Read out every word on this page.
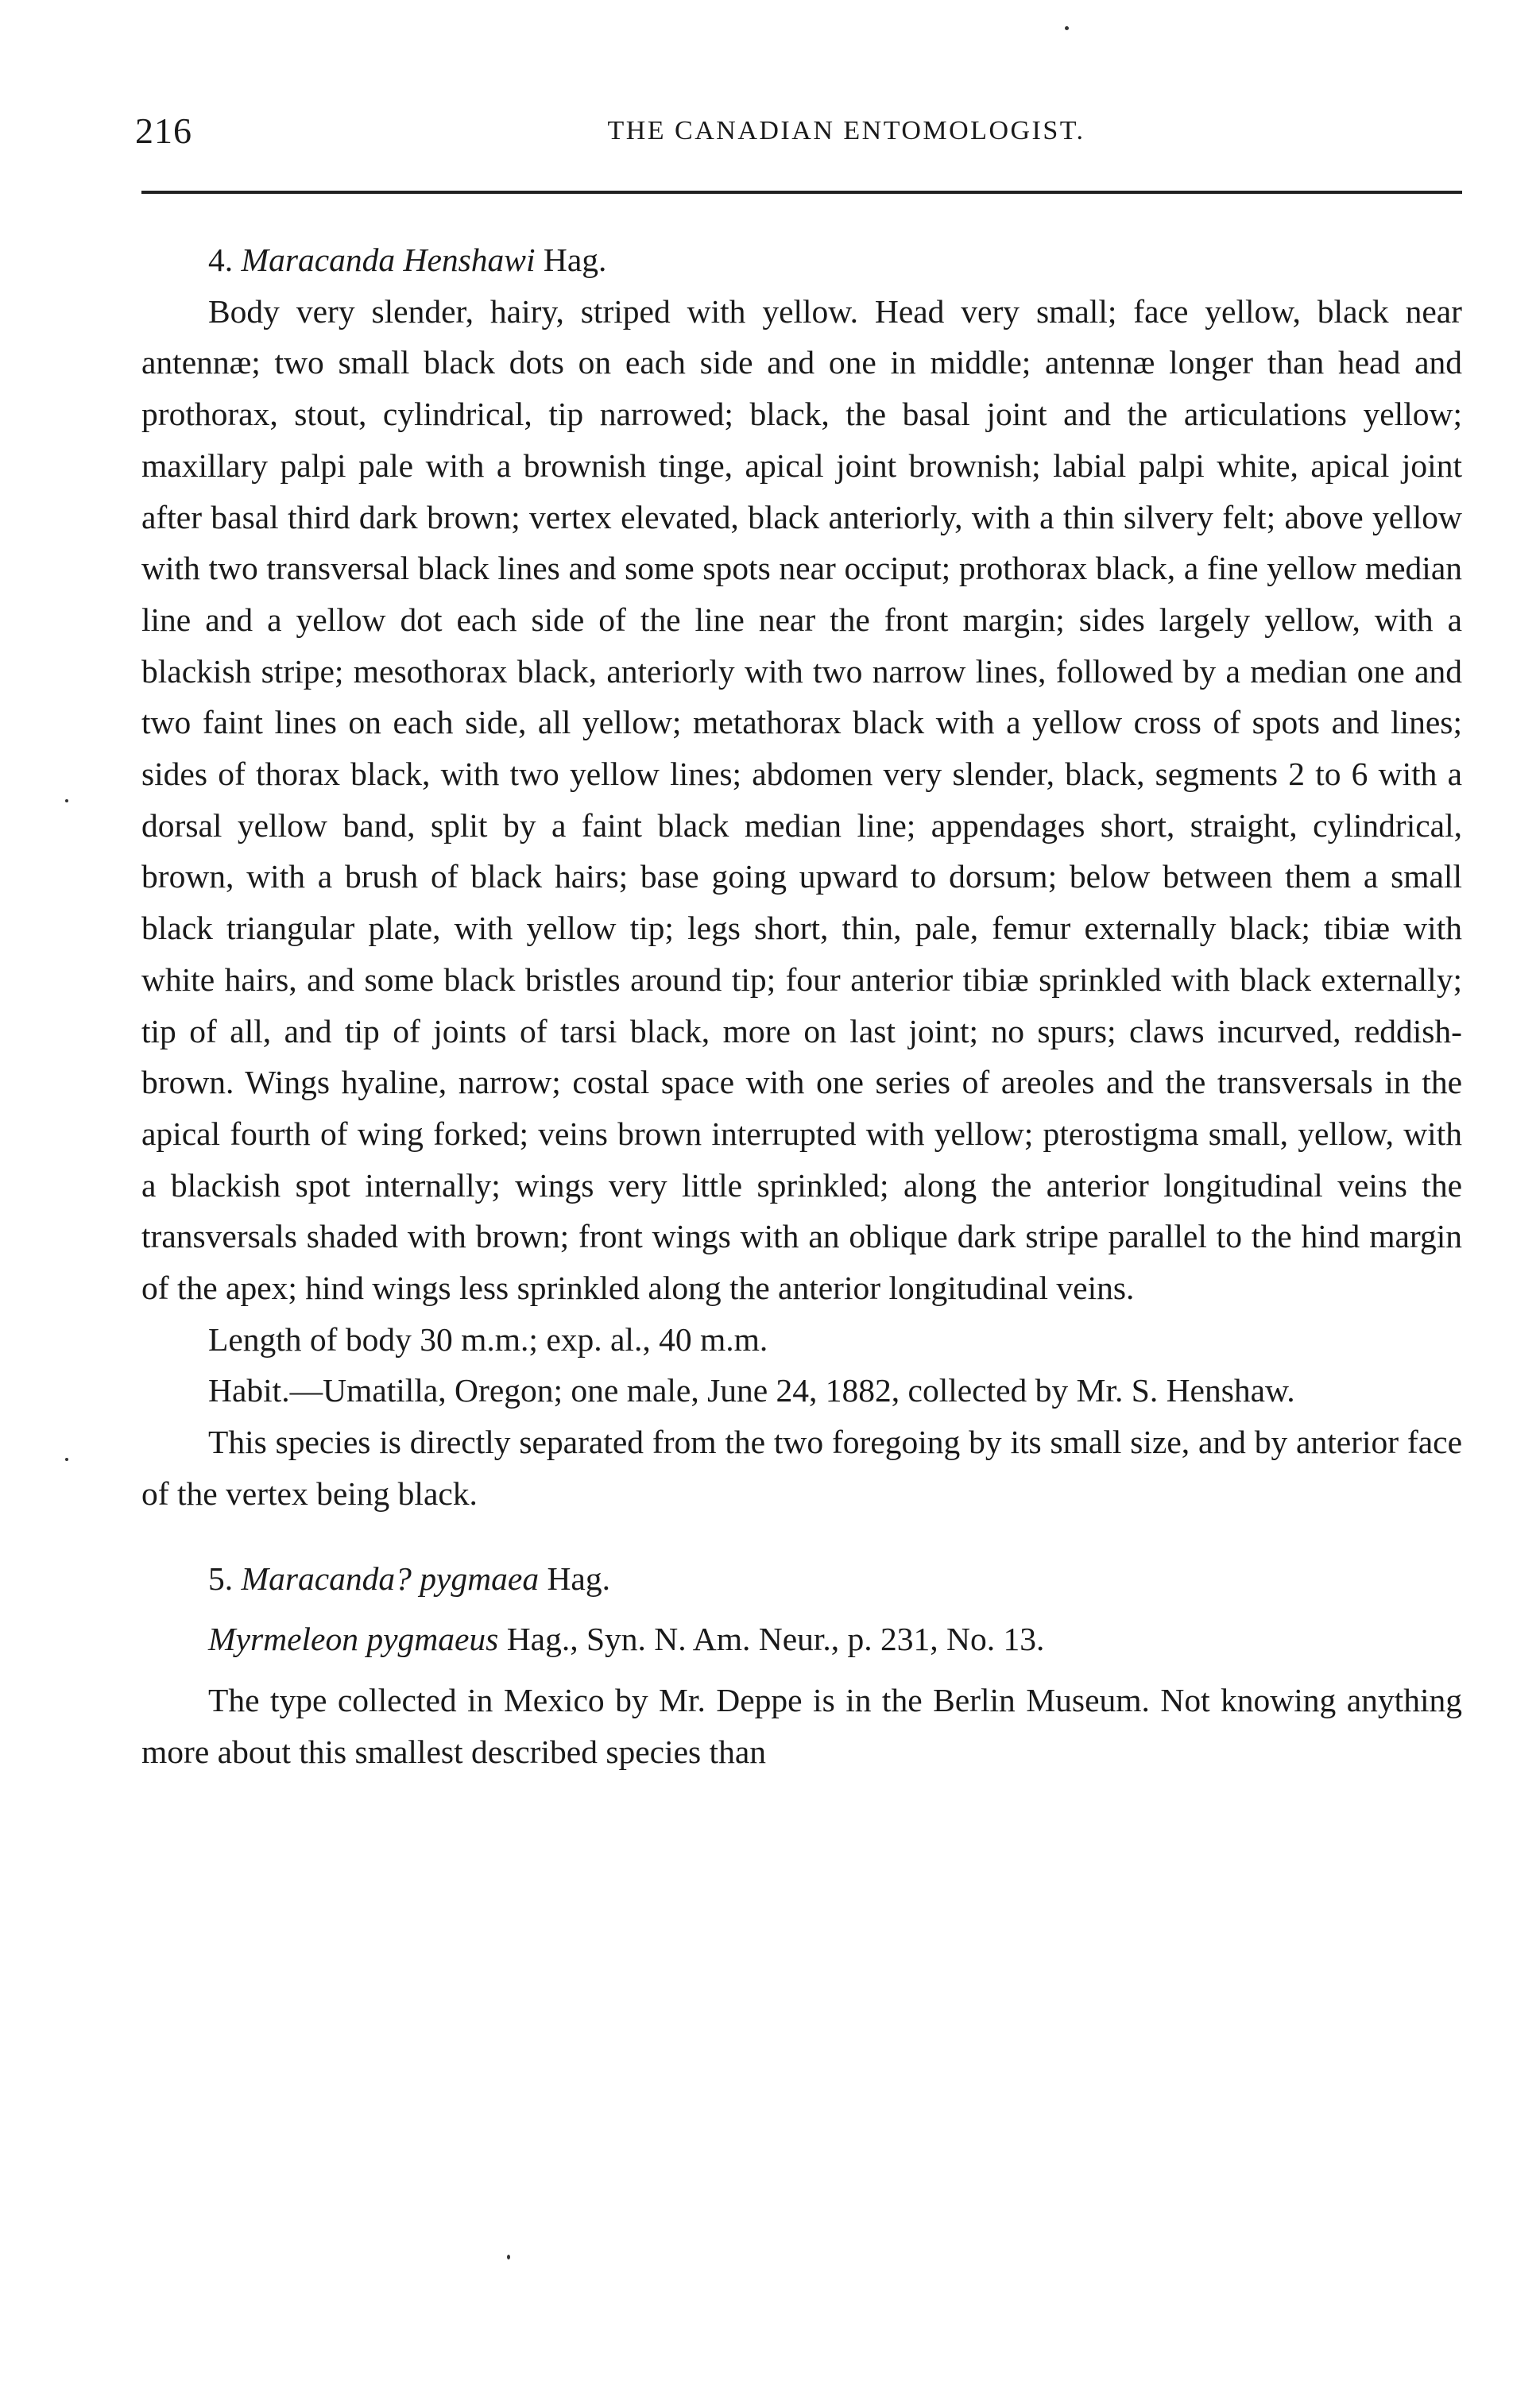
216	THE CANADIAN ENTOMOLOGIST.

4. Maracanda Henshawi Hag.

Body very slender, hairy, striped with yellow. Head very small; face yellow, black near antennæ; two small black dots on each side and one in middle; antennæ longer than head and prothorax, stout, cylindrical, tip narrowed; black, the basal joint and the articulations yellow; maxillary palpi pale with a brownish tinge, apical joint brownish; labial palpi white, apical joint after basal third dark brown; vertex elevated, black anteriorly, with a thin silvery felt; above yellow with two transversal black lines and some spots near occiput; prothorax black, a fine yellow median line and a yellow dot each side of the line near the front margin; sides largely yellow, with a blackish stripe; mesothorax black, anteriorly with two narrow lines, followed by a median one and two faint lines on each side, all yellow; metathorax black with a yellow cross of spots and lines; sides of thorax black, with two yellow lines; abdomen very slender, black, segments 2 to 6 with a dorsal yellow band, split by a faint black median line; appendages short, straight, cylindrical, brown, with a brush of black hairs; base going upward to dorsum; below between them a small black triangular plate, with yellow tip; legs short, thin, pale, femur externally black; tibiæ with white hairs, and some black bristles around tip; four anterior tibiæ sprinkled with black externally; tip of all, and tip of joints of tarsi black, more on last joint; no spurs; claws incurved, reddish-brown. Wings hyaline, narrow; costal space with one series of areoles and the transversals in the apical fourth of wing forked; veins brown interrupted with yellow; pterostigma small, yellow, with a blackish spot internally; wings very little sprinkled; along the anterior longitudinal veins the transversals shaded with brown; front wings with an oblique dark stripe parallel to the hind margin of the apex; hind wings less sprinkled along the anterior longitudinal veins.

Length of body 30 m.m.; exp. al., 40 m.m.

Habit.—Umatilla, Oregon; one male, June 24, 1882, collected by Mr. S. Henshaw.

This species is directly separated from the two foregoing by its small size, and by anterior face of the vertex being black.

5. Maracanda? pygmaea Hag.

Myrmeleon pygmaeus Hag., Syn. N. Am. Neur., p. 231, No. 13.

The type collected in Mexico by Mr. Deppe is in the Berlin Museum. Not knowing anything more about this smallest described species than
